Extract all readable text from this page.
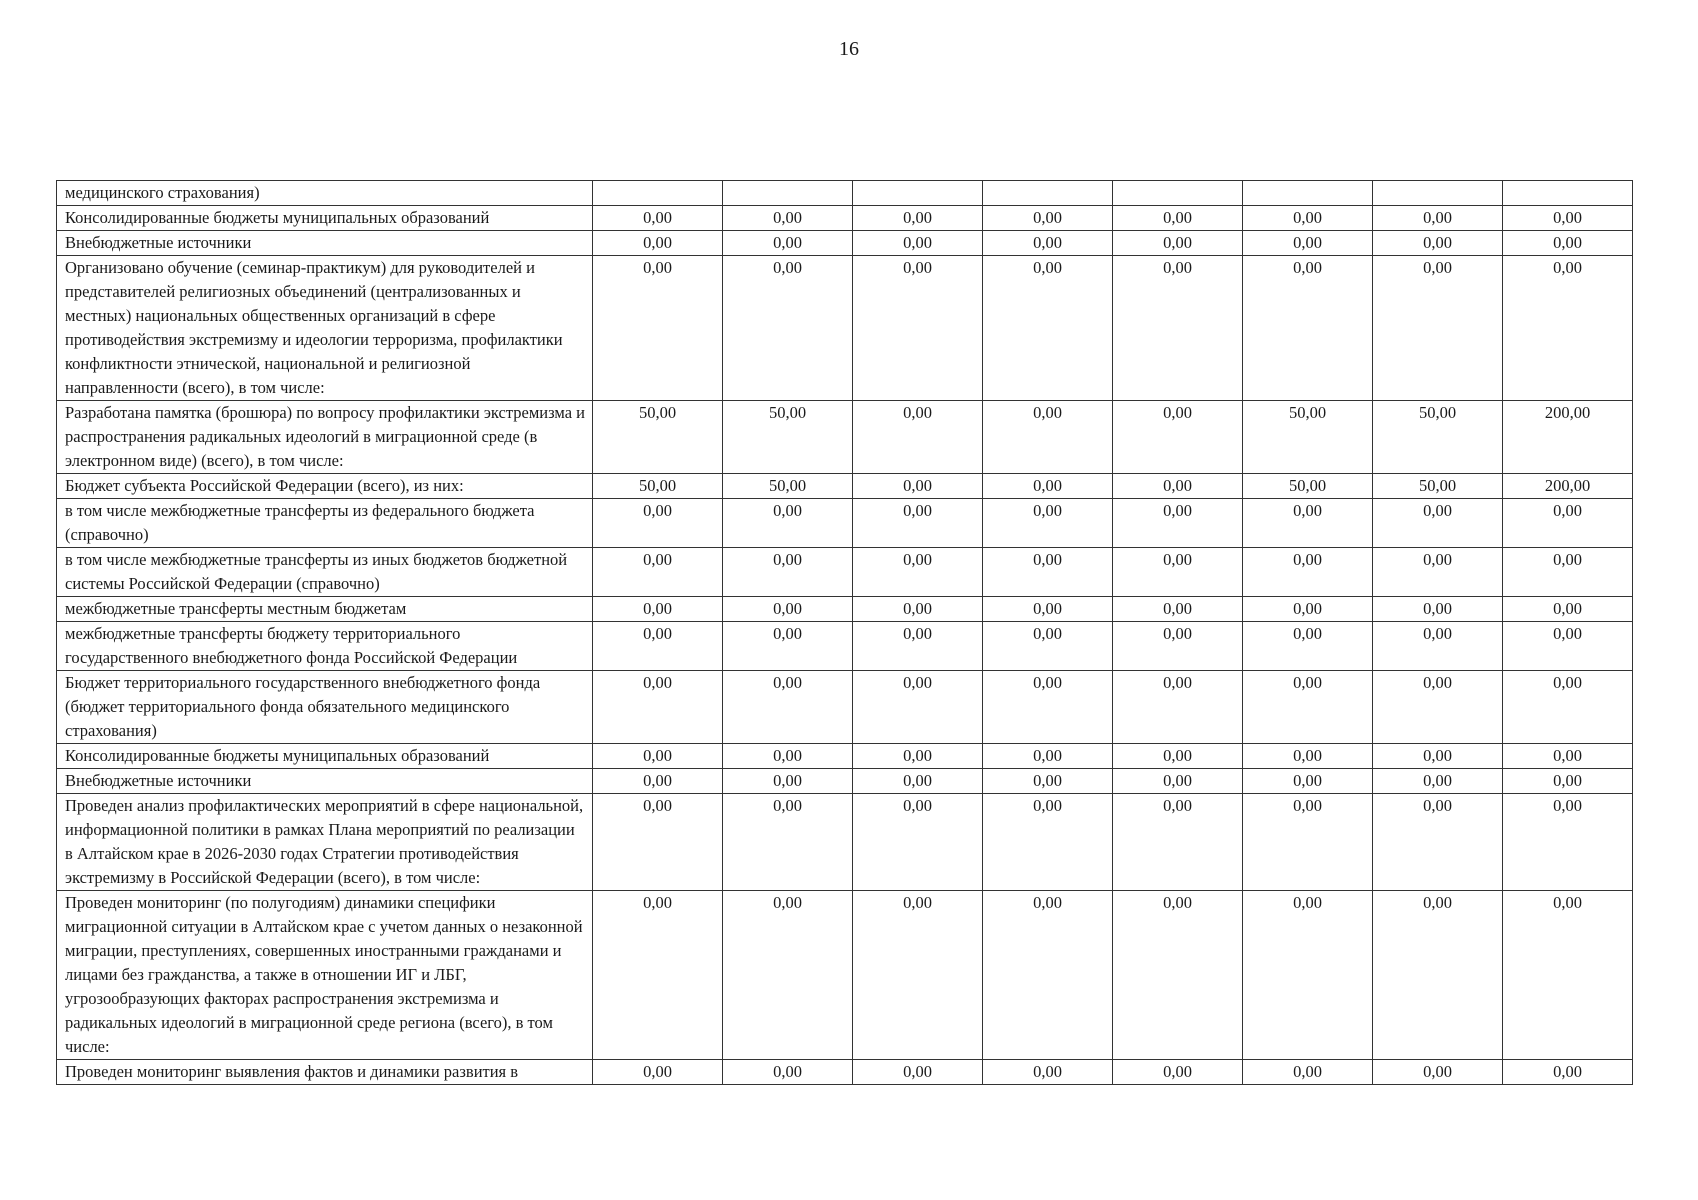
16
медицинского страхования)								
Консолидированные бюджеты муниципальных образований	0,00	0,00	0,00	0,00	0,00	0,00	0,00	0,00
Внебюджетные источники	0,00	0,00	0,00	0,00	0,00	0,00	0,00	0,00
Организовано обучение (семинар-практикум) для руководителей и представителей религиозных объединений (централизованных и местных) национальных общественных организаций в сфере противодействия экстремизму и идеологии терроризма, профилактики конфликтности этнической, национальной и религиозной направленности (всего), в том числе:	0,00	0,00	0,00	0,00	0,00	0,00	0,00	0,00
Разработана памятка (брошюра) по вопросу профилактики экстремизма и распространения радикальных идеологий в миграционной среде (в электронном виде) (всего), в том числе:	50,00	50,00	0,00	0,00	0,00	50,00	50,00	200,00
Бюджет субъекта Российской Федерации (всего), из них:	50,00	50,00	0,00	0,00	0,00	50,00	50,00	200,00
в том числе межбюджетные трансферты из федерального бюджета (справочно)	0,00	0,00	0,00	0,00	0,00	0,00	0,00	0,00
в том числе межбюджетные трансферты из иных бюджетов бюджетной системы Российской Федерации (справочно)	0,00	0,00	0,00	0,00	0,00	0,00	0,00	0,00
межбюджетные трансферты местным бюджетам	0,00	0,00	0,00	0,00	0,00	0,00	0,00	0,00
межбюджетные трансферты бюджету территориального государственного внебюджетного фонда Российской Федерации	0,00	0,00	0,00	0,00	0,00	0,00	0,00	0,00
Бюджет территориального государственного внебюджетного фонда (бюджет территориального фонда обязательного медицинского страхования)	0,00	0,00	0,00	0,00	0,00	0,00	0,00	0,00
Консолидированные бюджеты муниципальных образований	0,00	0,00	0,00	0,00	0,00	0,00	0,00	0,00
Внебюджетные источники	0,00	0,00	0,00	0,00	0,00	0,00	0,00	0,00
Проведен анализ профилактических мероприятий в сфере национальной, информационной политики в рамках Плана мероприятий по реализации в Алтайском крае в 2026-2030 годах Стратегии противодействия экстремизму в Российской Федерации (всего), в том числе:	0,00	0,00	0,00	0,00	0,00	0,00	0,00	0,00
Проведен мониторинг (по полугодиям) динамики специфики миграционной ситуации в Алтайском крае с учетом данных о незаконной миграции, преступлениях, совершенных иностранными гражданами и лицами без гражданства, а также в отношении ИГ и ЛБГ, угрозообразующих факторах распространения экстремизма и радикальных идеологий в миграционной среде региона (всего), в том числе:	0,00	0,00	0,00	0,00	0,00	0,00	0,00	0,00
Проведен мониторинг выявления фактов и динамики развития в	0,00	0,00	0,00	0,00	0,00	0,00	0,00	0,00
